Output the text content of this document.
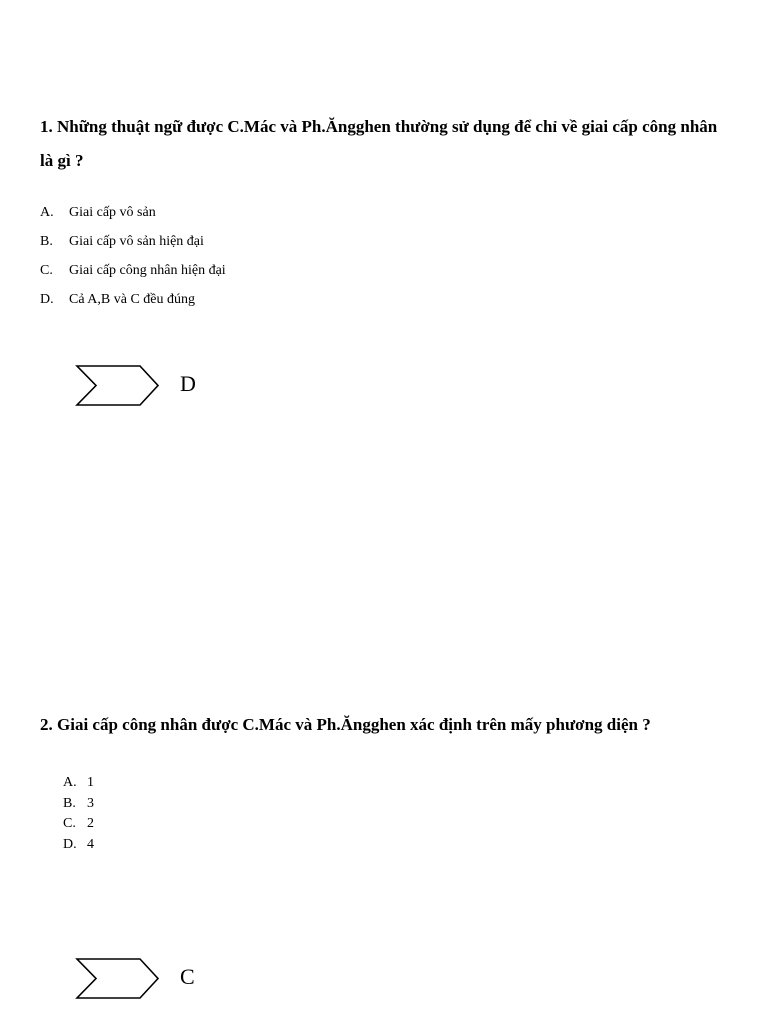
1. Những thuật ngữ được C.Mác và Ph.Ăngghen thường sử dụng để chỉ về giai cấp công nhân là gì ?

A. Giai cấp vô sản
B. Giai cấp vô sản hiện đại
C. Giai cấp công nhân hiện đại
D. Cả A,B và C đều đúng
D

2. Giai cấp công nhân được C.Mác và Ph.Ăngghen xác định trên mấy phương diện ?

A. 1
B. 3
C. 2
D. 4
C
